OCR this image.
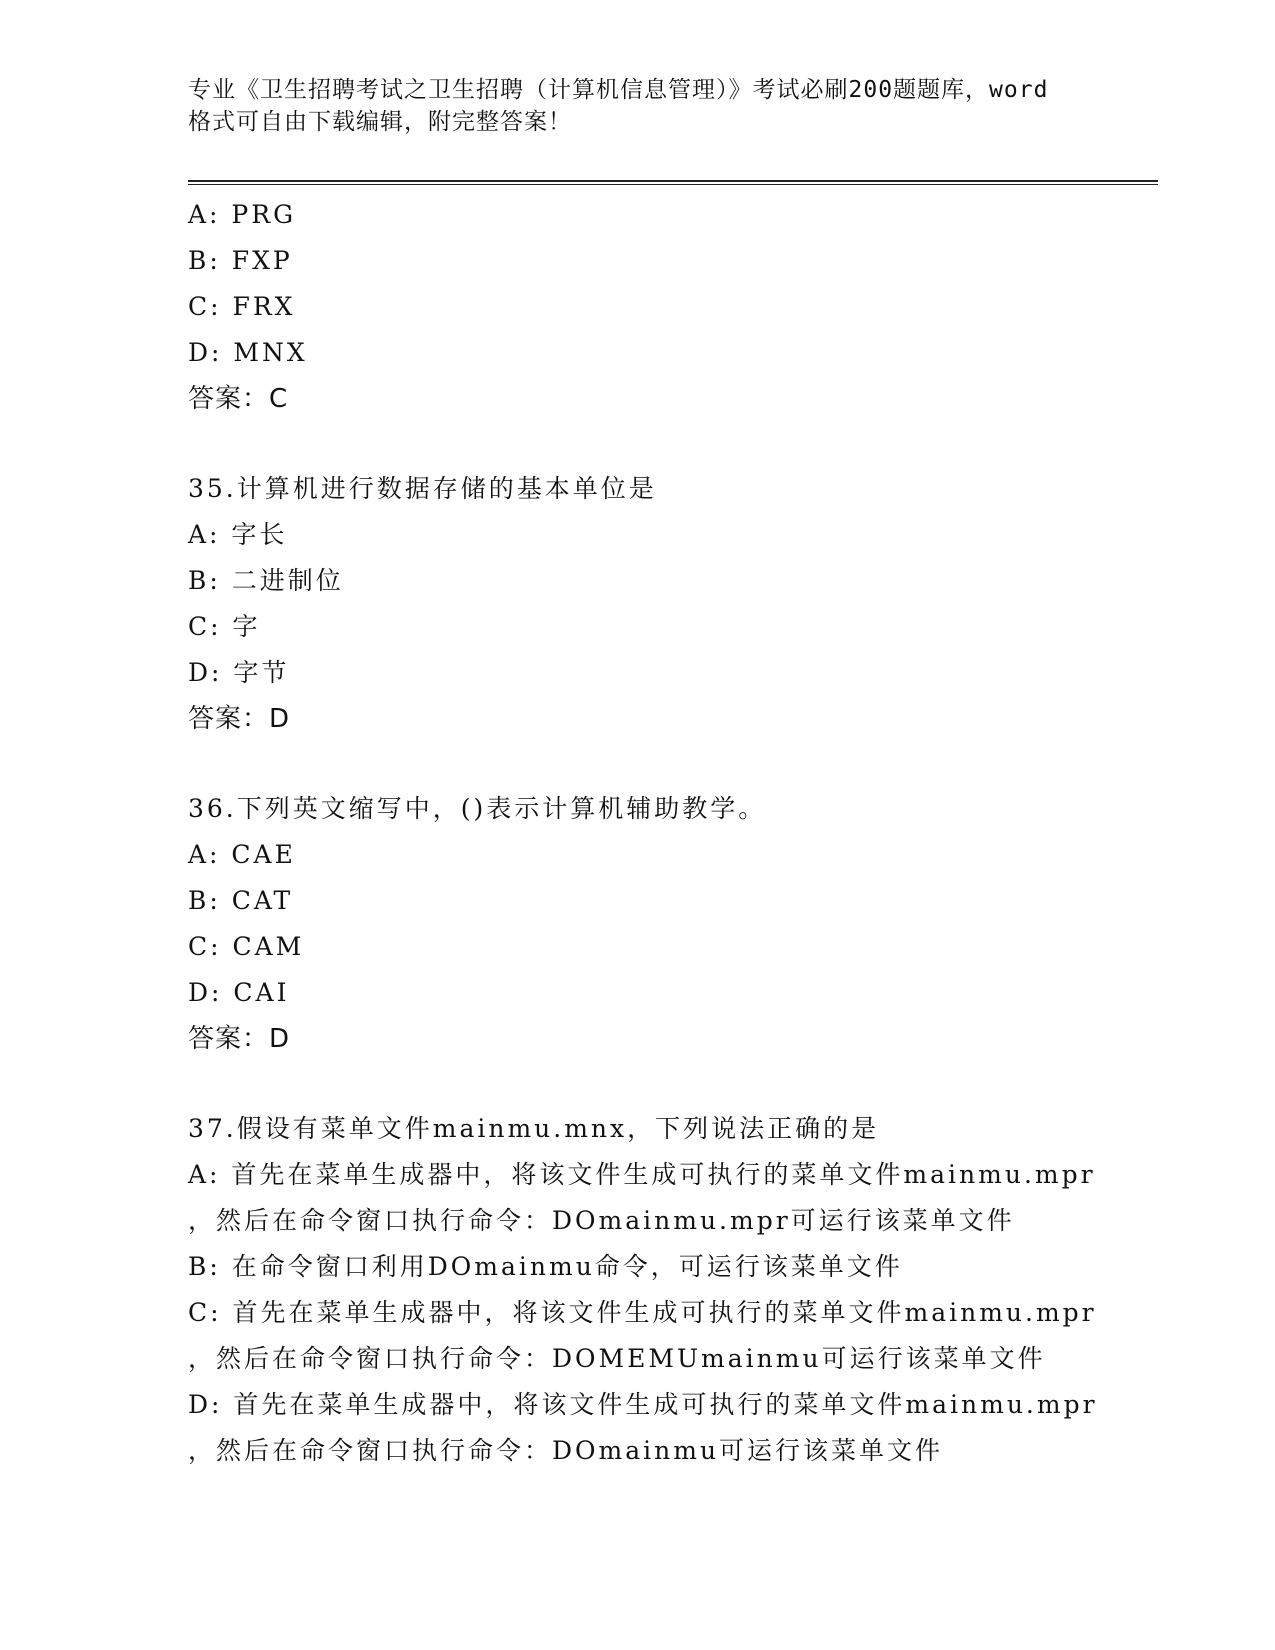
专业《卫生招聘考试之卫生招聘（计算机信息管理）》考试必刷200题题库，word
格式可自由下载编辑，附完整答案！
A: PRG
B: FXP
C: FRX
D: MNX
答案：C
35.计算机进行数据存储的基本单位是
A: 字长
B: 二进制位
C: 字
D: 字节
答案：D
36.下列英文缩写中，()表示计算机辅助教学。
A: CAE
B: CAT
C: CAM
D: CAI
答案：D
37.假设有菜单文件mainmu.mnx，下列说法正确的是
A: 首先在菜单生成器中，将该文件生成可执行的菜单文件mainmu.mpr
，然后在命令窗口执行命令：DOmainmu.mpr可运行该菜单文件
B: 在命令窗口利用DOmainmu命令，可运行该菜单文件
C: 首先在菜单生成器中，将该文件生成可执行的菜单文件mainmu.mpr
，然后在命令窗口执行命令：DOMEMUmainmu可运行该菜单文件
D: 首先在菜单生成器中，将该文件生成可执行的菜单文件mainmu.mpr
，然后在命令窗口执行命令：DOmainmu可运行该菜单文件
